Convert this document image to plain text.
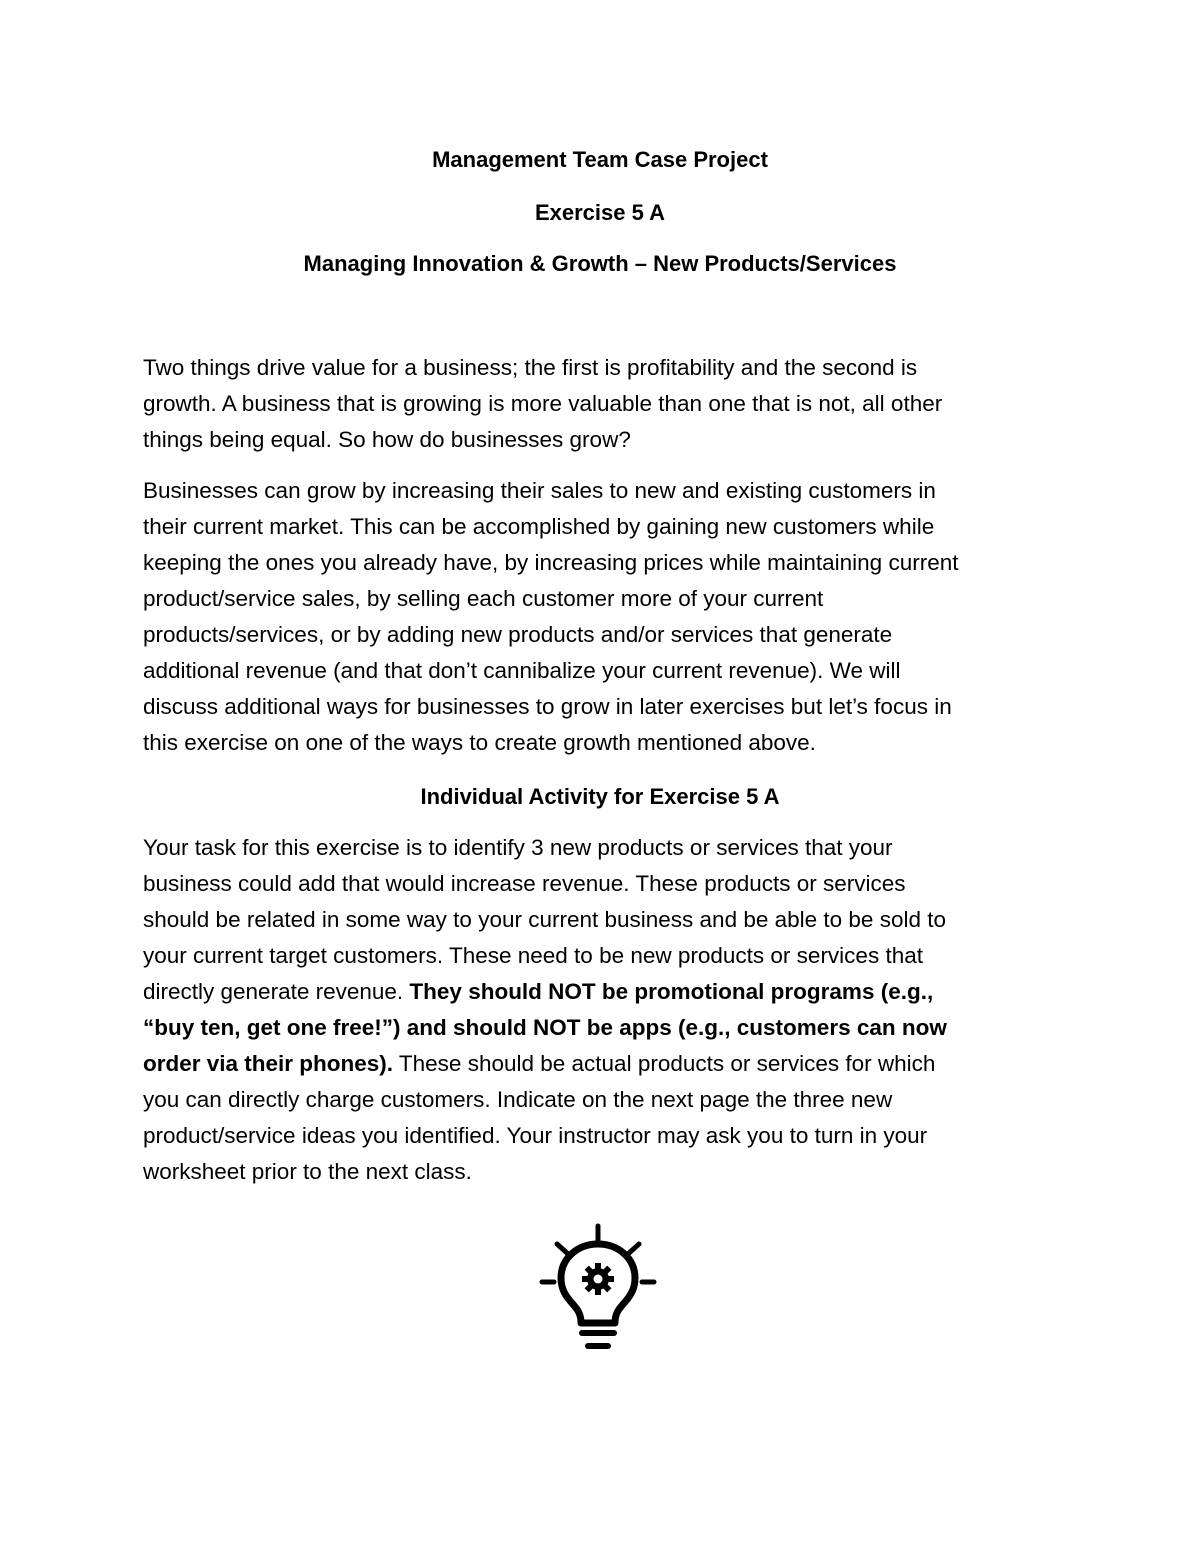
Management Team Case Project
Exercise 5 A
Managing Innovation & Growth – New Products/Services
Two things drive value for a business; the first is profitability and the second is
growth. A business that is growing is more valuable than one that is not, all other
things being equal. So how do businesses grow?
Businesses can grow by increasing their sales to new and existing customers in
their current market. This can be accomplished by gaining new customers while
keeping the ones you already have, by increasing prices while maintaining current
product/service sales, by selling each customer more of your current
products/services, or by adding new products and/or services that generate
additional revenue (and that don’t cannibalize your current revenue). We will
discuss additional ways for businesses to grow in later exercises but let’s focus in
this exercise on one of the ways to create growth mentioned above.
Individual Activity for Exercise 5 A
Your task for this exercise is to identify 3 new products or services that your
business could add that would increase revenue. These products or services
should be related in some way to your current business and be able to be sold to
your current target customers. These need to be new products or services that
directly generate revenue. They should NOT be promotional programs (e.g.,
“buy ten, get one free!”) and should NOT be apps (e.g., customers can now
order via their phones). These should be actual products or services for which
you can directly charge customers. Indicate on the next page the three new
product/service ideas you identified. Your instructor may ask you to turn in your
worksheet prior to the next class.
